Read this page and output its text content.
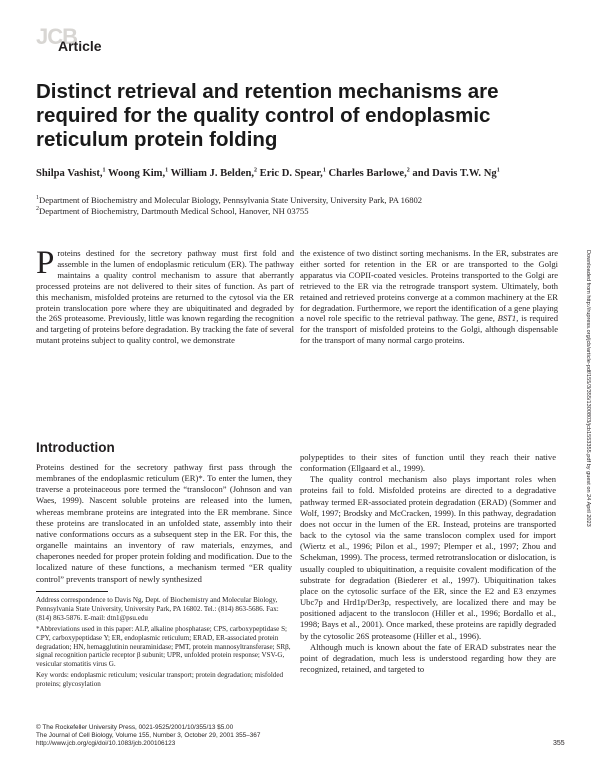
JCB
Article
Distinct retrieval and retention mechanisms are required for the quality control of endoplasmic reticulum protein folding
Shilpa Vashist,$^1$ Woong Kim,$^1$ William J. Belden,$^2$ Eric D. Spear,$^1$ Charles Barlowe,$^2$ and Davis T.W. Ng$^1$
$^1$Department of Biochemistry and Molecular Biology, Pennsylvania State University, University Park, PA 16802
$^2$Department of Biochemistry, Dartmouth Medical School, Hanover, NH 03755
Proteins destined for the secretory pathway must first fold and assemble in the lumen of endoplasmic reticulum (ER). The pathway maintains a quality control mechanism to assure that aberrantly processed proteins are not delivered to their sites of function. As part of this mechanism, misfolded proteins are returned to the cytosol via the ER protein translocation pore where they are ubiquitinated and degraded by the 26S proteasome. Previously, little was known regarding the recognition and targeting of proteins before degradation. By tracking the fate of several mutant proteins subject to quality control, we demonstrate
the existence of two distinct sorting mechanisms. In the ER, substrates are either sorted for retention in the ER or are transported to the Golgi apparatus via COPII-coated vesicles. Proteins transported to the Golgi are retrieved to the ER via the retrograde transport system. Ultimately, both retained and retrieved proteins converge at a common machinery at the ER for degradation. Furthermore, we report the identification of a gene playing a novel role specific to the retrieval pathway. The gene, BST1, is required for the transport of misfolded proteins to the Golgi, although dispensable for the transport of many normal cargo proteins.
Introduction

Proteins destined for the secretory pathway first pass through the membranes of the endoplasmic reticulum (ER)*. To enter the lumen, they traverse a proteinaceous pore termed the “translocon” (Johnson and van Waes, 1999). Nascent soluble proteins are released into the lumen, whereas membrane proteins are integrated into the ER membrane. Since these proteins are translocated in an unfolded state, assembly into their native conformations occurs as a subsequent step in the ER. For this, the organelle maintains an inventory of raw materials, enzymes, and chaperones needed for proper protein folding and modification. Due to the localized nature of these functions, a mechanism termed “ER quality control” prevents transport of newly synthesized

polypeptides to their sites of function until they reach their native conformation (Ellgaard et al., 1999).

The quality control mechanism also plays important roles when proteins fail to fold. Misfolded proteins are directed to a degradative pathway termed ER-associated protein degradation (ERAD) (Sommer and Wolf, 1997; Brodsky and McCracken, 1999). In this pathway, degradation does not occur in the lumen of the ER. Instead, proteins are transported back to the cytosol via the same translocon complex used for import (Wiertz et al., 1996; Pilon et al., 1997; Plemper et al., 1997; Zhou and Schekman, 1999). The process, termed retrotranslocation or dislocation, is usually coupled to ubiquitination, a requisite covalent modification of the substrate for degradation (Biederer et al., 1997). Ubiquitination takes place on the cytosolic surface of the ER, since the E2 and E3 enzymes Ubc7p and Hrd1p/Der3p, respectively, are localized there and may be positioned adjacent to the translocon (Hiller et al., 1996; Bordallo et al., 1998; Bays et al., 2001). Once marked, these proteins are rapidly degraded by the cytosolic 26S proteasome (Hiller et al., 1996).

Although much is known about the fate of ERAD substrates near the point of degradation, much less is understood regarding how they are recognized, retained, and targeted to

Address correspondence to Davis Ng, Dept. of Biochemistry and Molecular Biology, Pennsylvania State University, University Park, PA 16802. Tel.: (814) 863-5686. Fax: (814) 863-5876. E-mail: dtn1@psu.edu

*Abbreviations used in this paper: ALP, alkaline phosphatase; CPS, carboxypeptidase S; CPY, carboxypeptidase Y; ER, endoplasmic reticulum; ERAD, ER-associated protein degradation; HN, hemagglutinin neuraminidase; PMT, protein mannosyltransferase; SRβ, signal recognition particle receptor β subunit; UPR, unfolded protein response; VSV-G, vesicular stomatitis virus G.

Key words: endoplasmic reticulum; vesicular transport; protein degradation; misfolded proteins; glycosylation

© The Rockefeller University Press, 0021-9525/2001/10/355/13 $5.00
The Journal of Cell Biology, Volume 155, Number 3, October 29, 2001 355–367
http://www.jcb.org/cgi/doi/10.1083/jcb.200106123	355
Downloaded from http://rupress.org/jcb/article-pdf/155/3/355/1300803/jcb1553355.pdf by guest on 24 April 2023
